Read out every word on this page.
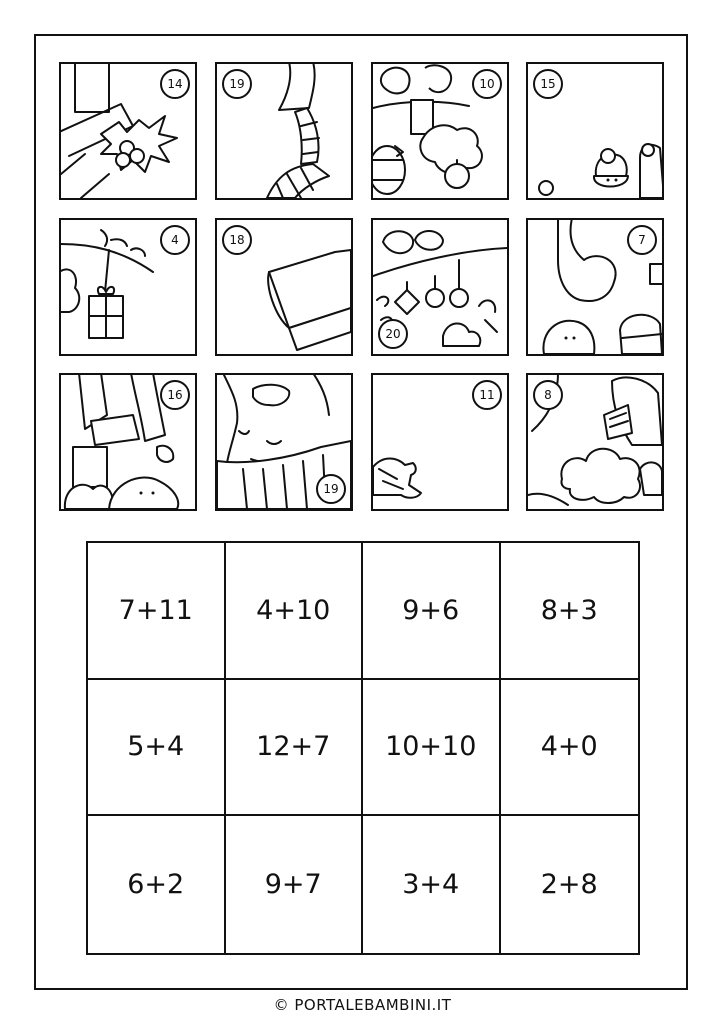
14	19	10	15
4	18
20
7
16
19
11	8
7+11	4+10	9+6	8+3
5+4	12+7	10+10	4+0
6+2	9+7	3+4	2+8
© PORTALEBAMBINI.IT
